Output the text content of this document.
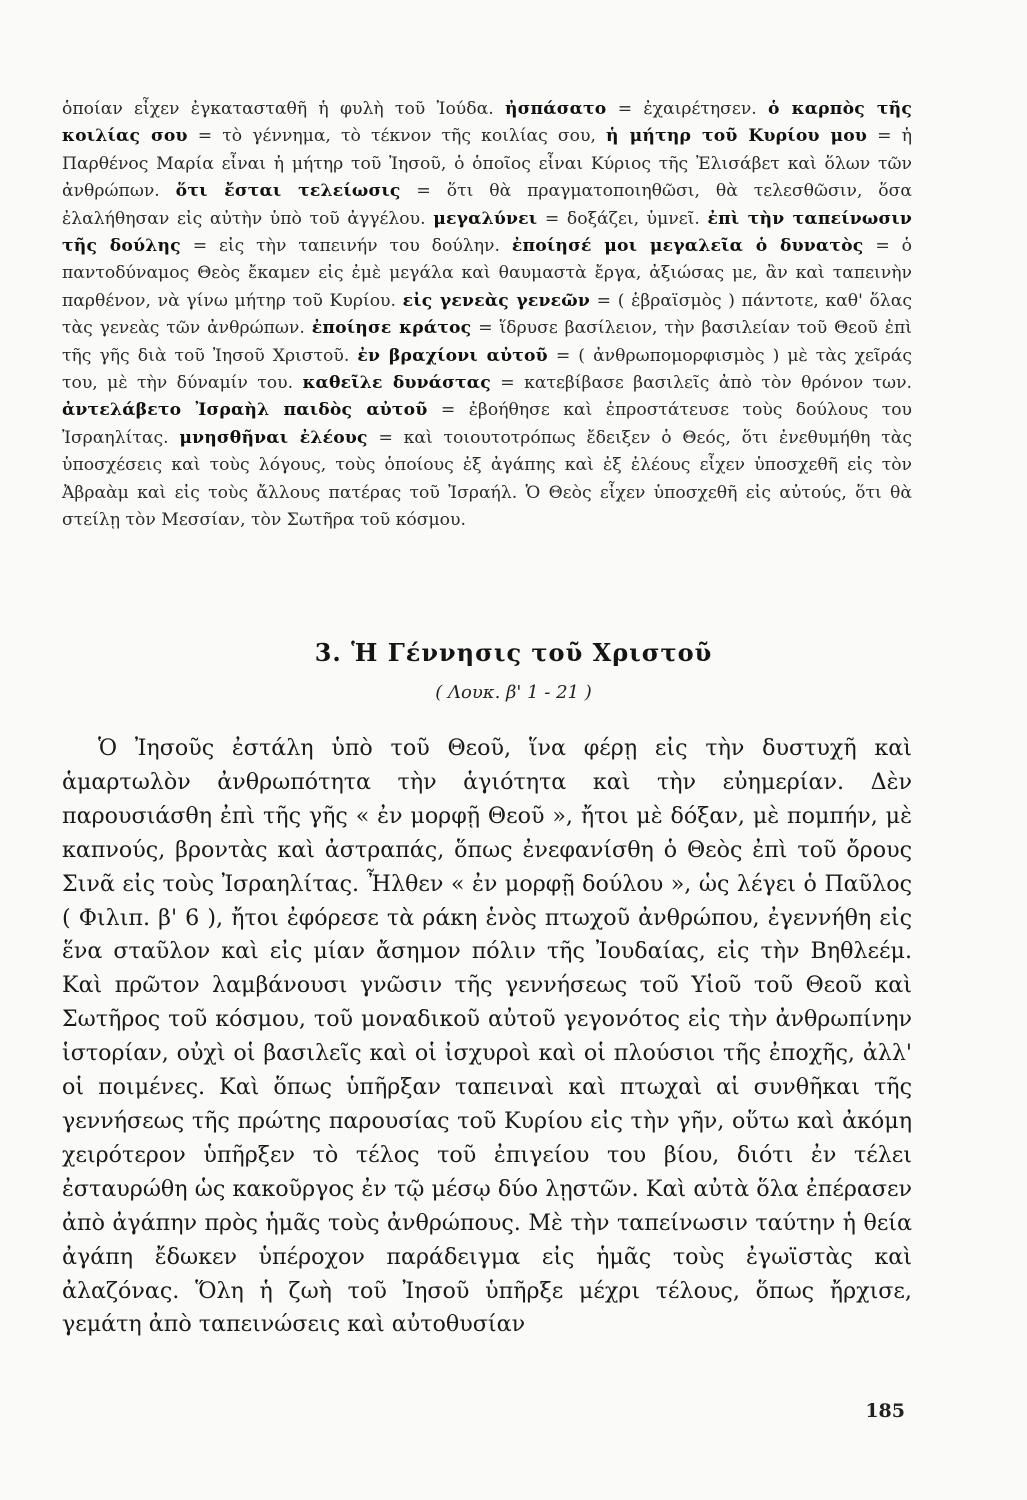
ὁποίαν εἶχεν ἐγκατασταθῆ ἡ φυλὴ τοῦ Ἰούδα. ἠσπάσατο = ἐχαιρέτησεν. ὁ καρπὸς τῆς κοιλίας σου = τὸ γέννημα, τὸ τέκνον τῆς κοιλίας σου, ἡ μήτηρ τοῦ Κυρίου μου = ἡ Παρθένος Μαρία εἶναι ἡ μήτηρ τοῦ Ἰησοῦ, ὁ ὁποῖος εἶναι Κύριος τῆς Ἐλισάβετ καὶ ὅλων τῶν ἀνθρώπων. ὅτι ἔσται τελείωσις = ὅτι θὰ πραγματοποιηθῶσι, θὰ τελεσθῶσιν, ὅσα ἐλαλήθησαν εἰς αὐτὴν ὑπὸ τοῦ ἀγγέλου. μεγαλύνει = δοξάζει, ὑμνεῖ. ἐπὶ τὴν ταπείνωσιν τῆς δούλης = εἰς τὴν ταπεινήν του δούλην. ἐποίησέ μοι μεγαλεῖα ὁ δυνατὸς = ὁ παντοδύναμος Θεὸς ἔκαμεν εἰς ἐμὲ μεγάλα καὶ θαυμαστὰ ἔργα, ἀξιώσας με, ἂν καὶ ταπεινὴν παρθένον, νὰ γίνω μήτηρ τοῦ Κυρίου. εἰς γενεὰς γενεῶν = ( ἑβραϊσμὸς ) πάντοτε, καθ' ὅλας τὰς γενεὰς τῶν ἀνθρώπων. ἐποίησε κράτος = ἵδρυσε βασίλειον, τὴν βασιλείαν τοῦ Θεοῦ ἐπὶ τῆς γῆς διὰ τοῦ Ἰησοῦ Χριστοῦ. ἐν βραχίονι αὐτοῦ = ( ἀνθρωπομορφισμὸς ) μὲ τὰς χεῖράς του, μὲ τὴν δύναμίν του. καθεῖλε δυνάστας = κατεβίβασε βασιλεῖς ἀπὸ τὸν θρόνον των. ἀντελάβετο Ἰσραὴλ παιδὸς αὐτοῦ = ἐβοήθησε καὶ ἐπροστάτευσε τοὺς δούλους του Ἰσραηλίτας. μνησθῆναι ἐλέους = καὶ τοιουτοτρόπως ἔδειξεν ὁ Θεός, ὅτι ἐνεθυμήθη τὰς ὑποσχέσεις καὶ τοὺς λόγους, τοὺς ὁποίους ἐξ ἀγάπης καὶ ἐξ ἐλέους εἶχεν ὑποσχεθῆ εἰς τὸν Ἀβραὰμ καὶ εἰς τοὺς ἄλλους πατέρας τοῦ Ἰσραήλ. Ὁ Θεὸς εἶχεν ὑποσχεθῆ εἰς αὐτούς, ὅτι θὰ στείλῃ τὸν Μεσσίαν, τὸν Σωτῆρα τοῦ κόσμου.

3. Ἡ Γέννησις τοῦ Χριστοῦ
( Λουκ. β' 1 - 21 )

Ὁ Ἰησοῦς ἐστάλη ὑπὸ τοῦ Θεοῦ, ἵνα φέρῃ εἰς τὴν δυστυχῆ καὶ ἁμαρτωλὸν ἀνθρωπότητα τὴν ἁγιότητα καὶ τὴν εὐημερίαν. Δὲν παρουσιάσθη ἐπὶ τῆς γῆς « ἐν μορφῇ Θεοῦ », ἤτοι μὲ δόξαν, μὲ πομπήν, μὲ καπνούς, βροντὰς καὶ ἀστραπάς, ὅπως ἐνεφανίσθη ὁ Θεὸς ἐπὶ τοῦ ὄρους Σινᾶ εἰς τοὺς Ἰσραηλίτας. Ἦλθεν « ἐν μορφῇ δούλου », ὡς λέγει ὁ Παῦλος ( Φιλιπ. β' 6 ), ἤτοι ἐφόρεσε τὰ ράκη ἑνὸς πτωχοῦ ἀνθρώπου, ἐγεννήθη εἰς ἕνα σταῦλον καὶ εἰς μίαν ἄσημον πόλιν τῆς Ἰουδαίας, εἰς τὴν Βηθλεέμ. Καὶ πρῶτον λαμβάνουσι γνῶσιν τῆς γεννήσεως τοῦ Υἱοῦ τοῦ Θεοῦ καὶ Σωτῆρος τοῦ κόσμου, τοῦ μοναδικοῦ αὐτοῦ γεγονότος εἰς τὴν ἀνθρωπίνην ἱστορίαν, οὐχὶ οἱ βασιλεῖς καὶ οἱ ἰσχυροὶ καὶ οἱ πλούσιοι τῆς ἐποχῆς, ἀλλ' οἱ ποιμένες. Καὶ ὅπως ὑπῆρξαν ταπειναὶ καὶ πτωχαὶ αἱ συνθῆκαι τῆς γεννήσεως τῆς πρώτης παρουσίας τοῦ Κυρίου εἰς τὴν γῆν, οὕτω καὶ ἀκόμη χειρότερον ὑπῆρξεν τὸ τέλος τοῦ ἐπιγείου του βίου, διότι ἐν τέλει ἐσταυρώθη ὡς κακοῦργος ἐν τῷ μέσῳ δύο λῃστῶν. Καὶ αὐτὰ ὅλα ἐπέρασεν ἀπὸ ἀγάπην πρὸς ἡμᾶς τοὺς ἀνθρώπους. Μὲ τὴν ταπείνωσιν ταύτην ἡ θεία ἀγάπη ἔδωκεν ὑπέροχον παράδειγμα εἰς ἡμᾶς τοὺς ἐγωϊστὰς καὶ ἀλαζόνας. Ὅλη ἡ ζωὴ τοῦ Ἰησοῦ ὑπῆρξε μέχρι τέλους, ὅπως ἤρχισε, γεμάτη ἀπὸ ταπεινώσεις καὶ αὐτοθυσίαν

185
